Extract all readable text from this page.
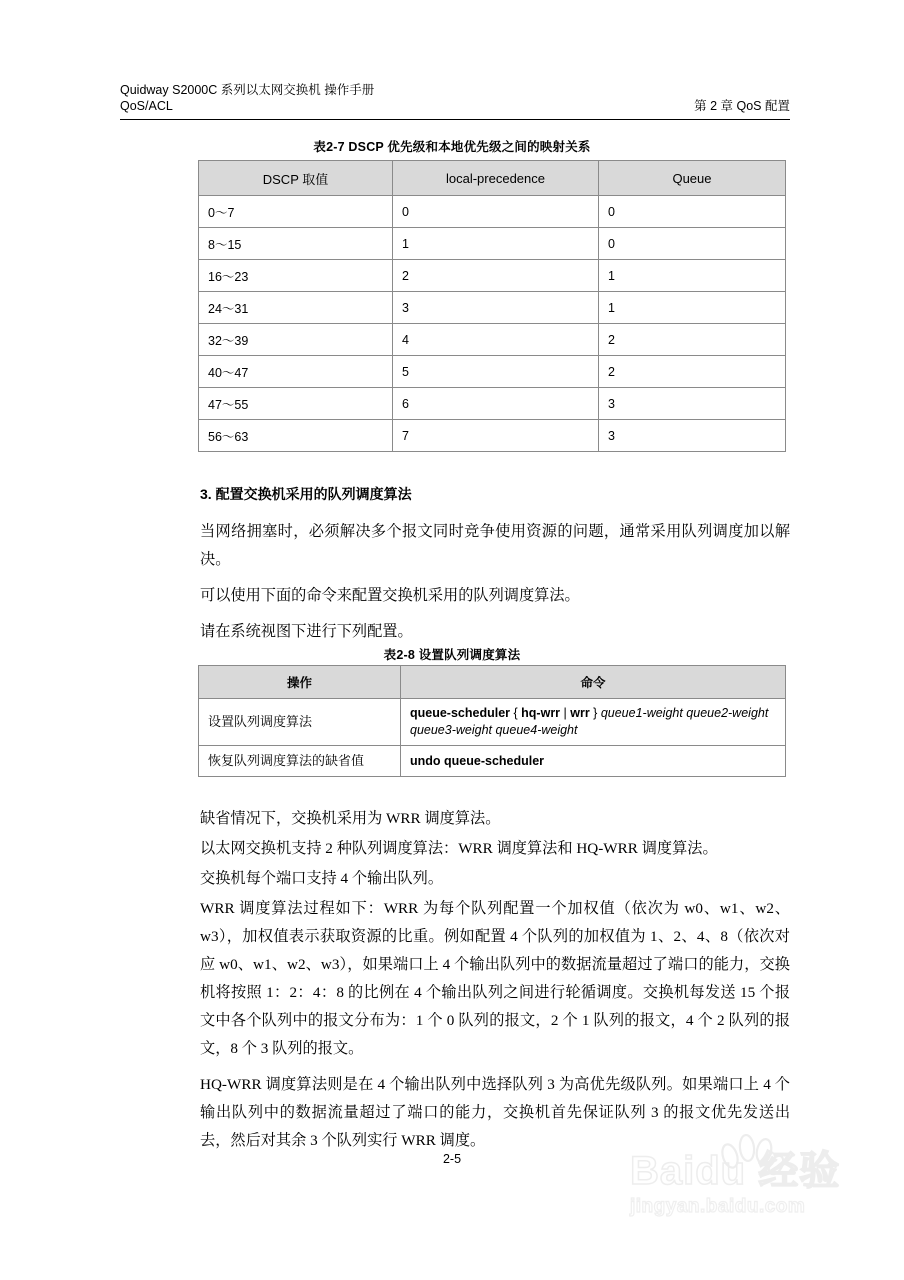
Quidway S2000C 系列以太网交换机 操作手册
QoS/ACL	第 2 章 QoS 配置
表2-7 DSCP 优先级和本地优先级之间的映射关系
DSCP 取值	local-precedence	Queue
0～7	0	0
8～15	1	0
16～23	2	1
24～31	3	1
32～39	4	2
40～47	5	2
47～55	6	3
56～63	7	3
3. 配置交换机采用的队列调度算法

当网络拥塞时，必须解决多个报文同时竞争使用资源的问题，通常采用队列调度加以解决。

可以使用下面的命令来配置交换机采用的队列调度算法。

请在系统视图下进行下列配置。

表2-8 设置队列调度算法
操作	命令
设置队列调度算法	queue-scheduler { hq-wrr | wrr } queue1-weight queue2-weight queue3-weight queue4-weight
恢复队列调度算法的缺省值	undo queue-scheduler

缺省情况下，交换机采用为 WRR 调度算法。

以太网交换机支持 2 种队列调度算法：WRR 调度算法和 HQ-WRR 调度算法。

交换机每个端口支持 4 个输出队列。

WRR 调度算法过程如下：WRR 为每个队列配置一个加权值（依次为 w0、w1、w2、w3），加权值表示获取资源的比重。例如配置 4 个队列的加权值为 1、2、4、8（依次对应 w0、w1、w2、w3），如果端口上 4 个输出队列中的数据流量超过了端口的能力，交换机将按照 1：2：4：8 的比例在 4 个输出队列之间进行轮循调度。交换机每发送 15 个报文中各个队列中的报文分布为：1 个 0 队列的报文，2 个 1 队列的报文，4 个 2 队列的报文，8 个 3 队列的报文。

HQ-WRR 调度算法则是在 4 个输出队列中选择队列 3 为高优先级队列。如果端口上 4 个输出队列中的数据流量超过了端口的能力，交换机首先保证队列 3 的报文优先发送出去，然后对其余 3 个队列实行 WRR 调度。

2-5	Baidu 经验
jingyan.baidu.com
